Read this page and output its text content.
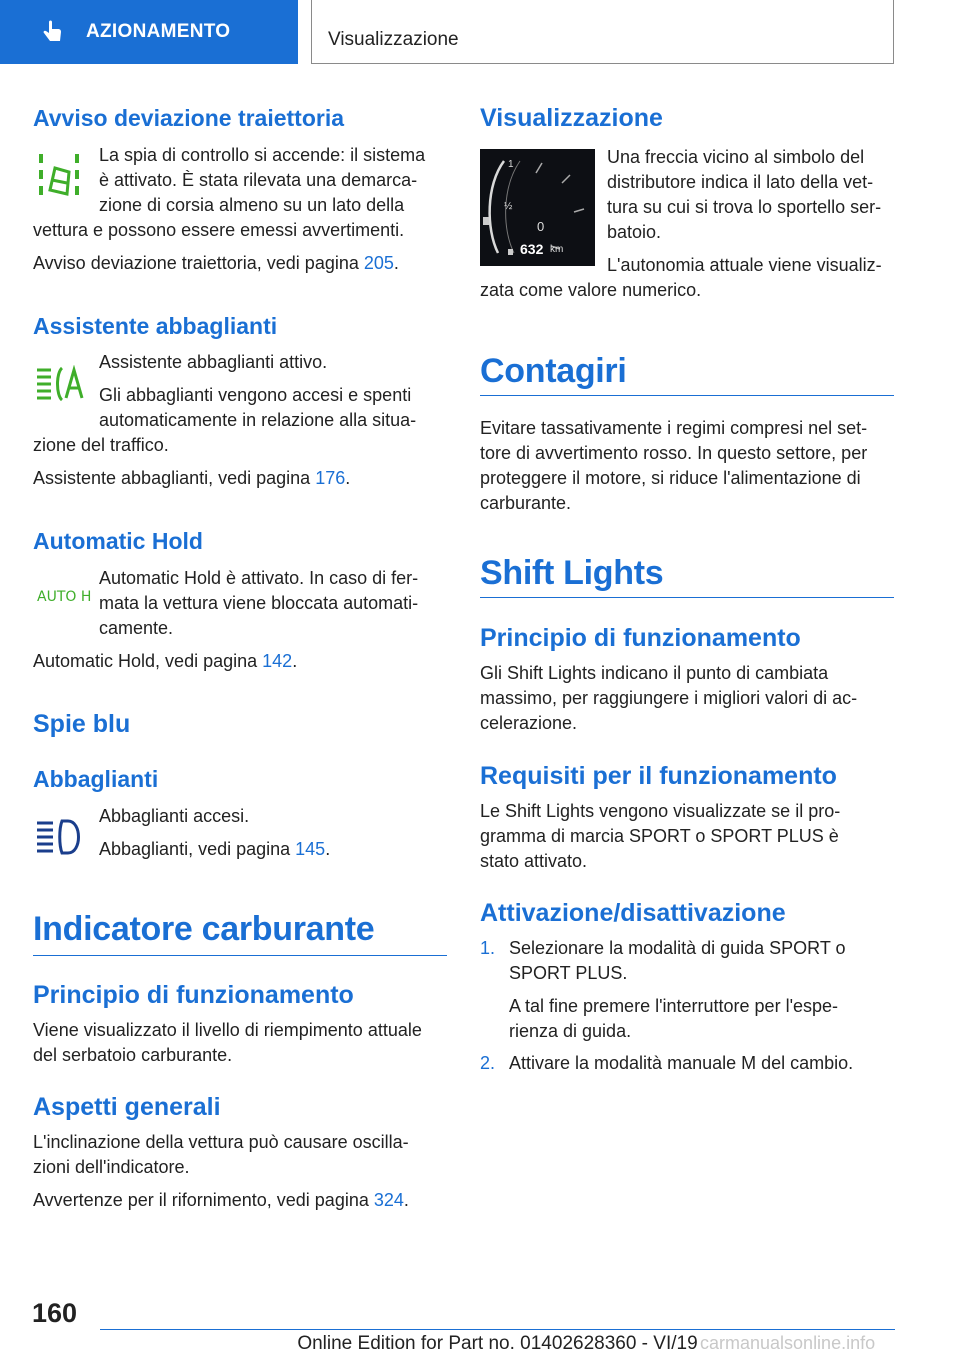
AZIONAMENTO	Visualizzazione
Avviso deviazione traiettoria
La spia di controllo si accende: il sistema
è attivato. È stata rilevata una demarca-
zione di corsia almeno su un lato della
vettura e possono essere emessi avvertimenti.
Avviso deviazione traiettoria, vedi pagina 205.
Assistente abbaglianti
Assistente abbaglianti attivo.
Gli abbaglianti vengono accesi e spenti
automaticamente in relazione alla situa-
zione del traffico.
Assistente abbaglianti, vedi pagina 176.
Automatic Hold
AUTO H
Automatic Hold è attivato. In caso di fer-
mata la vettura viene bloccata automati-
camente.
Automatic Hold, vedi pagina 142.
Spie blu
Abbaglianti
Abbaglianti accesi.
Abbaglianti, vedi pagina 145.
Indicatore carburante
Principio di funzionamento
Viene visualizzato il livello di riempimento attuale
del serbatoio carburante.
Aspetti generali
L'inclinazione della vettura può causare oscilla-
zioni dell'indicatore.
Avvertenze per il rifornimento, vedi pagina 324.
Visualizzazione
1
½
0
632 km
Una freccia vicino al simbolo del
distributore indica il lato della vet-
tura su cui si trova lo sportello ser-
batoio.
L'autonomia attuale viene visualiz-
zata come valore numerico.
Contagiri
Evitare tassativamente i regimi compresi nel set-
tore di avvertimento rosso. In questo settore, per
proteggere il motore, si riduce l'alimentazione di
carburante.
Shift Lights
Principio di funzionamento
Gli Shift Lights indicano il punto di cambiata
massimo, per raggiungere i migliori valori di ac-
celerazione.
Requisiti per il funzionamento
Le Shift Lights vengono visualizzate se il pro-
gramma di marcia SPORT o SPORT PLUS è
stato attivato.
Attivazione/disattivazione
1. Selezionare la modalità di guida SPORT o
SPORT PLUS.
A tal fine premere l'interruttore per l'espe-
rienza di guida.
2. Attivare la modalità manuale M del cambio.
160
Online Edition for Part no. 01402628360 - VI/19 carmanualsonline.info
